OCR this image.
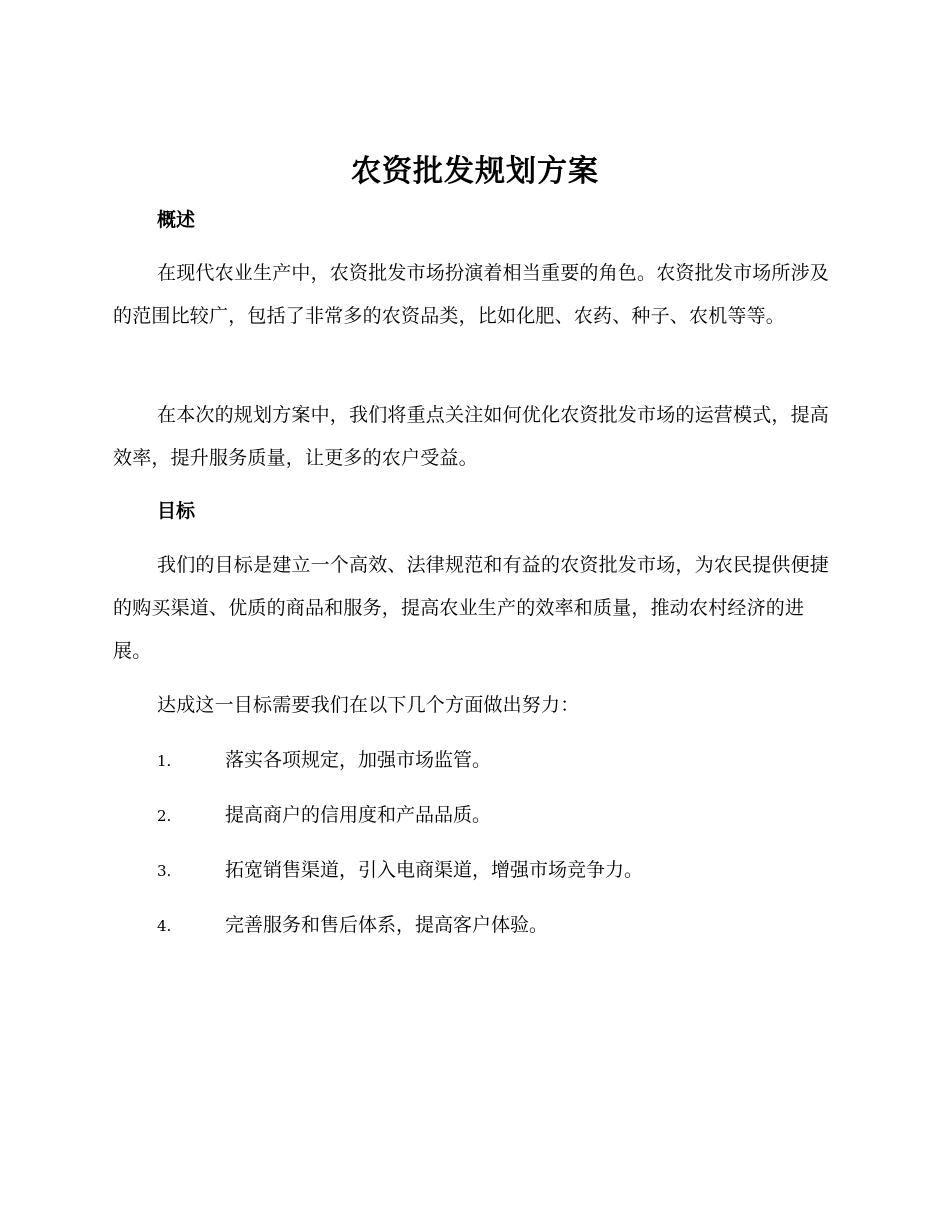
农资批发规划方案
概述
在现代农业生产中，农资批发市场扮演着相当重要的角色。农资批发市场所涉及的范围比较广，包括了非常多的农资品类，比如化肥、农药、种子、农机等等。
在本次的规划方案中，我们将重点关注如何优化农资批发市场的运营模式，提高效率，提升服务质量，让更多的农户受益。
目标
我们的目标是建立一个高效、法律规范和有益的农资批发市场，为农民提供便捷的购买渠道、优质的商品和服务，提高农业生产的效率和质量，推动农村经济的进展。
达成这一目标需要我们在以下几个方面做出努力：
1.	落实各项规定，加强市场监管。
2.	提高商户的信用度和产品品质。
3.	拓宽销售渠道，引入电商渠道，增强市场竞争力。
4.	完善服务和售后体系，提高客户体验。
